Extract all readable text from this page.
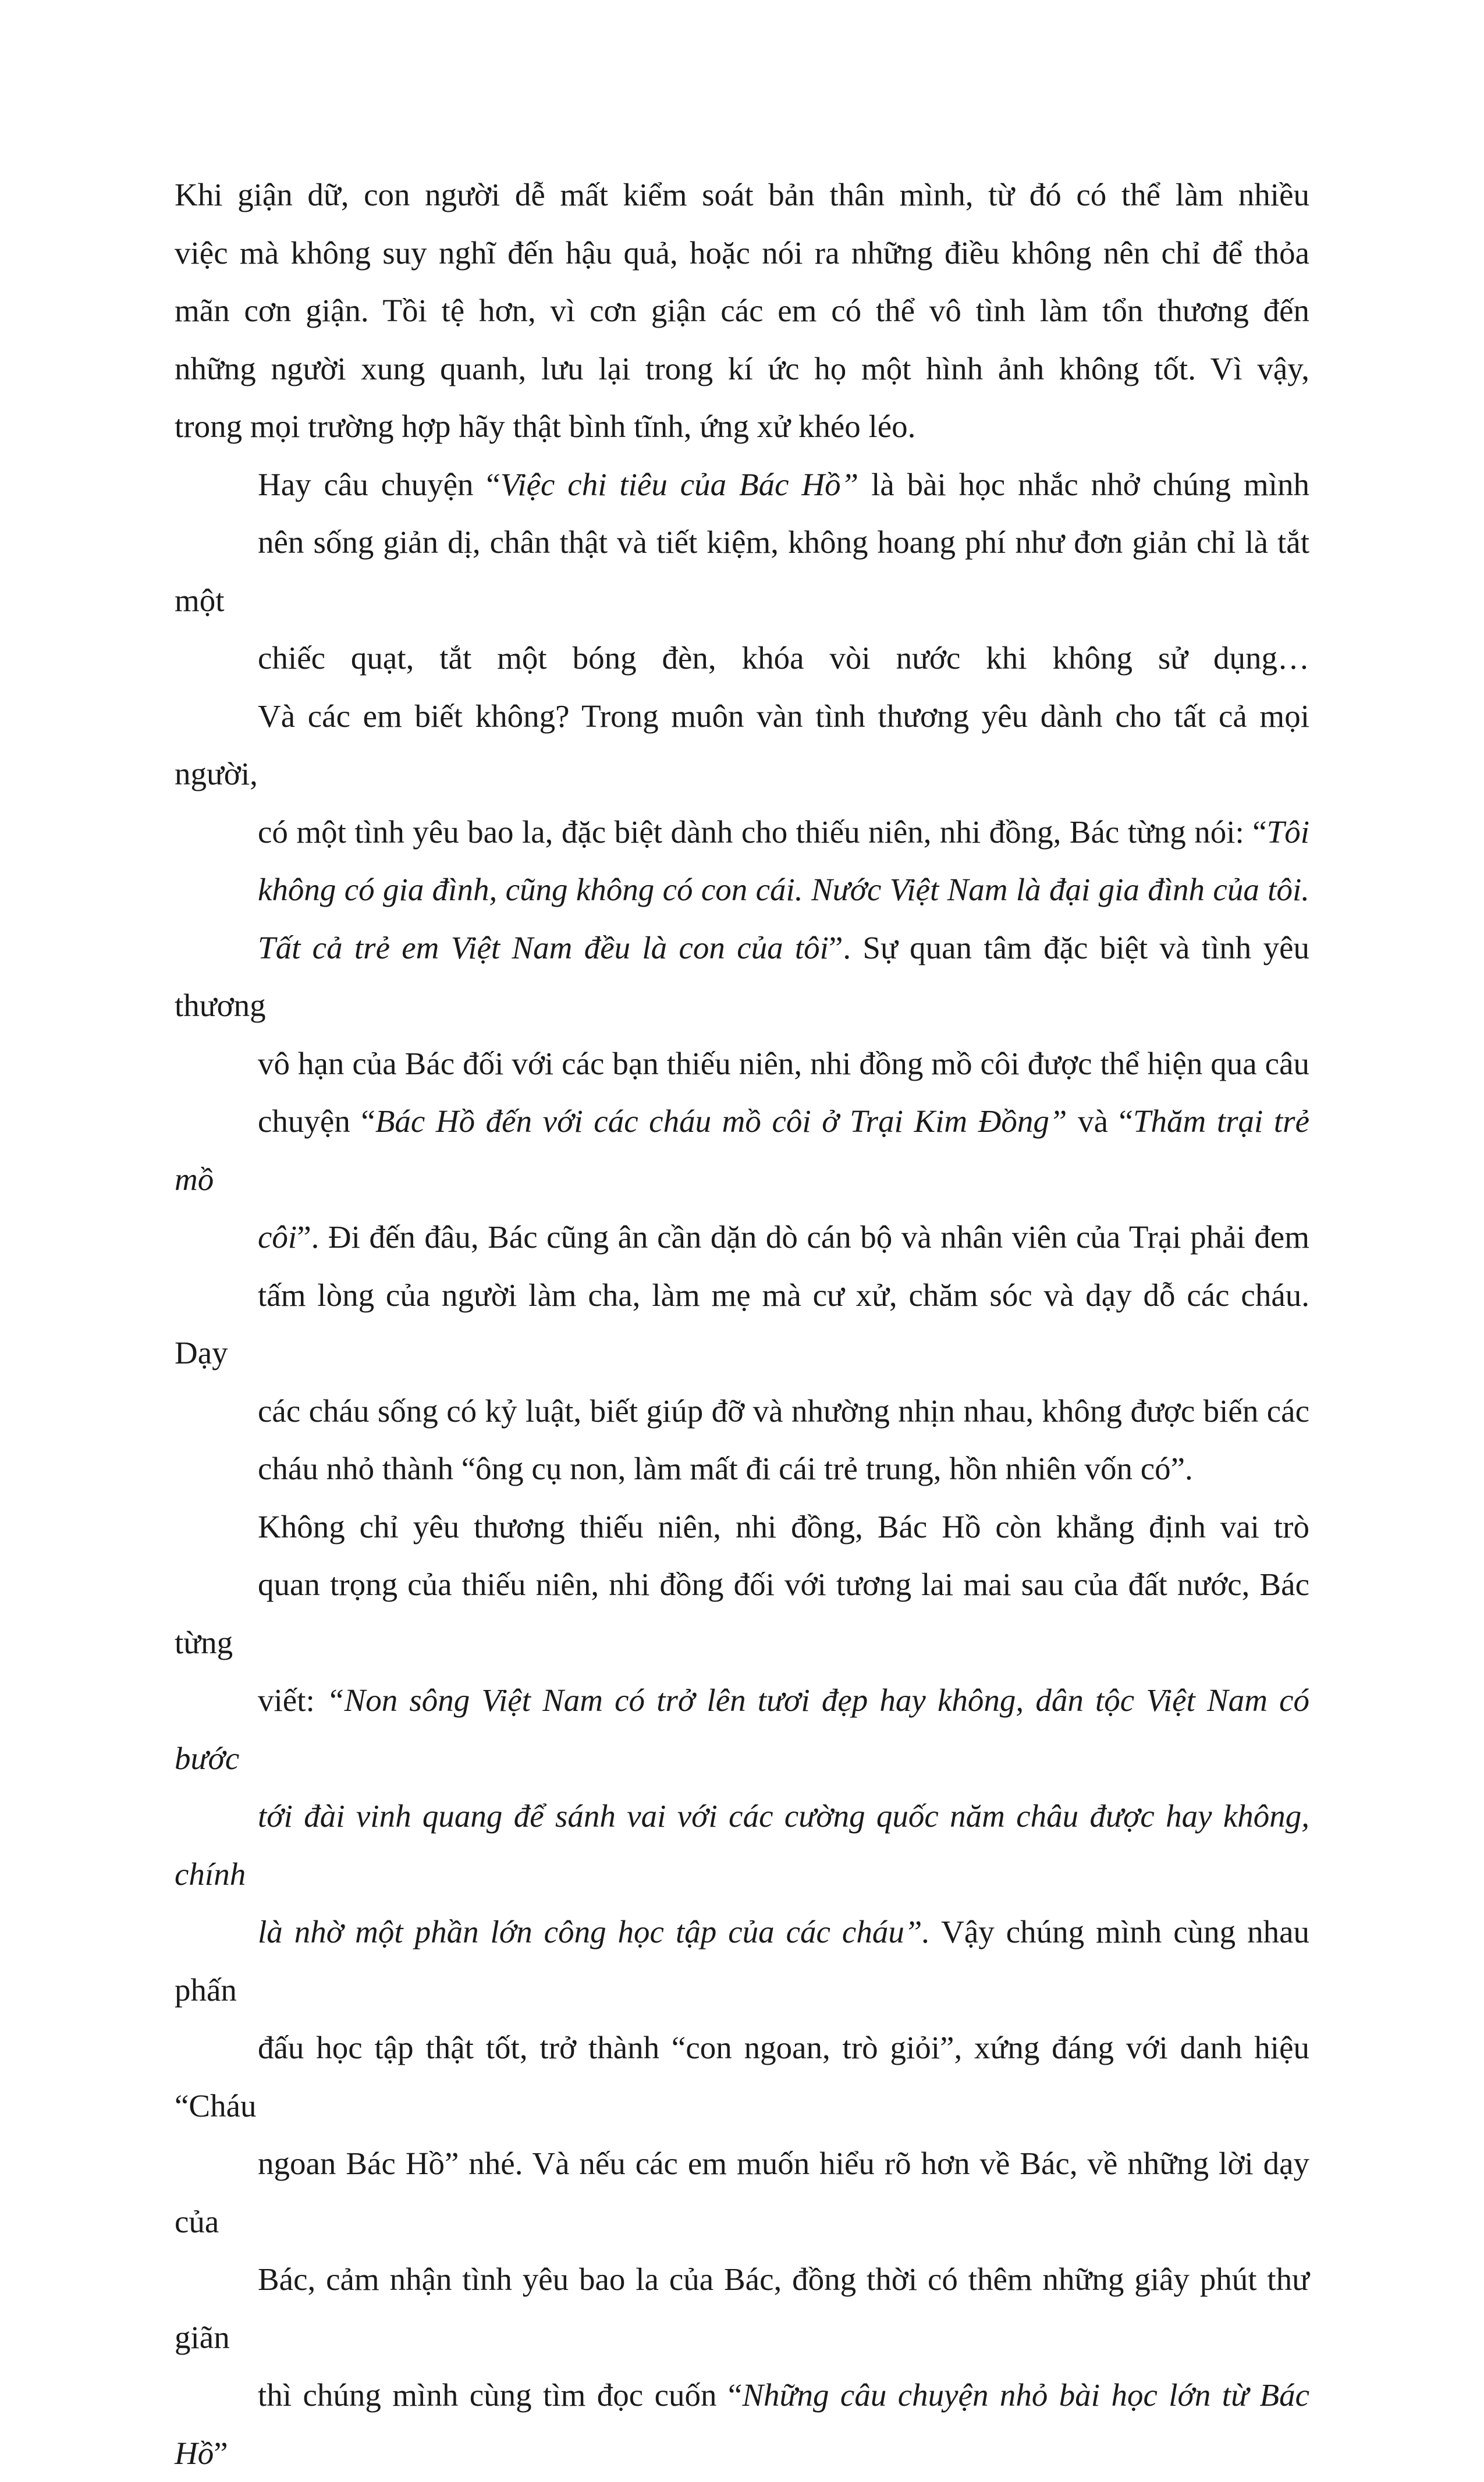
Khi giận dữ, con người dễ mất kiểm soát bản thân mình, từ đó có thể làm nhiều
việc mà không suy nghĩ đến hậu quả, hoặc nói ra những điều không nên chỉ để thỏa
mãn cơn giận. Tồi tệ hơn, vì cơn giận các em có thể vô tình làm tổn thương đến
những người xung quanh, lưu lại trong kí ức họ một hình ảnh không tốt. Vì vậy,
trong mọi trường hợp hãy thật bình tĩnh, ứng xử khéo léo.

Hay câu chuyện “Việc chi tiêu của Bác Hồ” là bài học nhắc nhở chúng mình
nên sống giản dị, chân thật và tiết kiệm, không hoang phí như đơn giản chỉ là tắt một
chiếc quạt, tắt một bóng đèn, khóa vòi nước khi không sử dụng…
Và các em biết không? Trong muôn vàn tình thương yêu dành cho tất cả mọi người,
có một tình yêu bao la, đặc biệt dành cho thiếu niên, nhi đồng, Bác từng nói: “Tôi
không có gia đình, cũng không có con cái. Nước Việt Nam là đại gia đình của tôi.
Tất cả trẻ em Việt Nam đều là con của tôi”. Sự quan tâm đặc biệt và tình yêu thương
vô hạn của Bác đối với các bạn thiếu niên, nhi đồng mồ côi được thể hiện qua câu
chuyện “Bác Hồ đến với các cháu mồ côi ở Trại Kim Đồng” và “Thăm trại trẻ mồ
côi”. Đi đến đâu, Bác cũng ân cần dặn dò cán bộ và nhân viên của Trại phải đem
tấm lòng của người làm cha, làm mẹ mà cư xử, chăm sóc và dạy dỗ các cháu. Dạy
các cháu sống có kỷ luật, biết giúp đỡ và nhường nhịn nhau, không được biến các
cháu nhỏ thành “ông cụ non, làm mất đi cái trẻ trung, hồn nhiên vốn có”.

Không chỉ yêu thương thiếu niên, nhi đồng, Bác Hồ còn khẳng định vai trò
quan trọng của thiếu niên, nhi đồng đối với tương lai mai sau của đất nước, Bác từng
viết: “Non sông Việt Nam có trở lên tươi đẹp hay không, dân tộc Việt Nam có bước
tới đài vinh quang để sánh vai với các cường quốc năm châu được hay không, chính
là nhờ một phần lớn công học tập của các cháu”. Vậy chúng mình cùng nhau phấn
đấu học tập thật tốt, trở thành “con ngoan, trò giỏi”, xứng đáng với danh hiệu “Cháu
ngoan Bác Hồ” nhé. Và nếu các em muốn hiểu rõ hơn về Bác, về những lời dạy của
Bác, cảm nhận tình yêu bao la của Bác, đồng thời có thêm những giây phút thư giãn
thì chúng mình cùng tìm đọc cuốn “Những câu chuyện nhỏ bài học lớn từ Bác Hồ”
